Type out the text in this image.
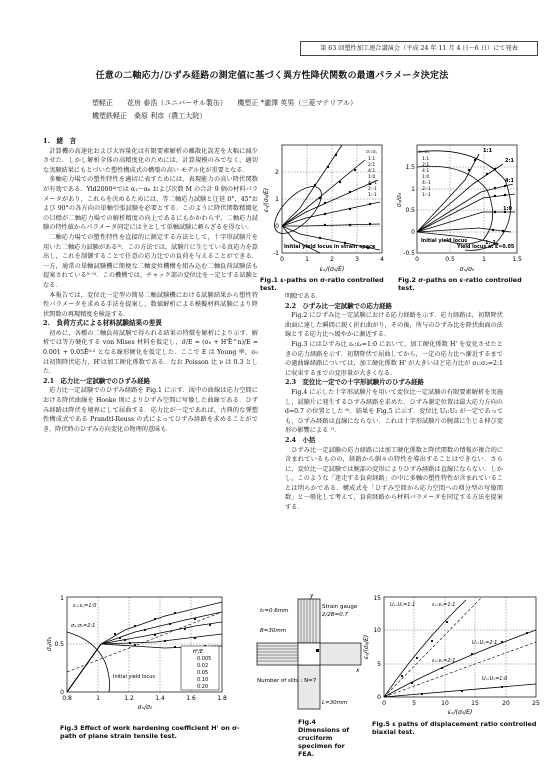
第 63 回塑性加工連合講演会（平成 24 年 11 月 4 日～6 日）にて発表
任意の二軸応力/ひずみ経路の測定値に基づく異方性降伏関数の最適パラメータ決定法
塑軽正　　花房 泰浩（ユニバーサル製缶）　　機塑正 *瀧澤 英男（三菱マテリアル）
機塑鉄軽正　桑原 利彦（農工大院）
1.　緒　言

計算機の高速化および大容量化は有限要素解析の離散化誤差を大幅に減少させた．しかし解析全体の高精度化のためには，計算規模のみでなく，適切な実験結果にもとづいた塑性構成式の構築の高い モデル化が重要となる．

多軸応力場での塑性特性を適切に表すためには，表現能力の高い降伏関数が有効である．Yld2000⁴⁾では α₁〜α₈ および次数 M の合計 9 個の材料パラメータがあり，これらを決めるためには，等二軸応力試験と圧延 0°，45°および 90°の各方向の単軸引張試験を必要とする．このように降伏関数精緻化の目標が二軸応力場での解析精度の向上であるにもかかわらず，二軸応力試験の特性値からパラメータ同定には主として単軸試験に頼らざるを得ない．

二軸応力場での塑性特性を直接的に測定する方法として，十字形試験片を用いた二軸応力試験がある³⁾．この方法では，試験片に生じている真応力を算出し，これを制御することで任意の応力比での負荷を与えることができる．一方，通常の単軸試験機に簡便な二軸変位機構を組み込む二軸負荷試験法も提案されている³⁻⁵⁾．この機構では，チャック部の変位比を一定とする試験となる．

本報告では，変位比一定型の簡易二軸試験機における試験結果から塑性特性パラメータを求める手法を提案し，数値解析による模擬材料試験により降伏関数の再現精度を検証する．

2.　負荷方式による材料試験結果の差異

初めに，各種の二軸負荷試験で得られる結果の特徴を解析により示す．解析では等方硬化する von Mises 材料を仮定し，σ̄/E = (σ₀ + H'Ē^n)/E = 0.001 + 0.05Ē⁰·² となる線形硬化を仮定した．ここで E は Young 率，σ₀ は初期降伏応力，H'は加工硬化係数である．なお Poisson 比 ν は 0.3 とした．

2.1　応力比一定試験でのひずみ経路

応力比一定試験でのひずみ経路を Fig.1 に示す．図中の曲線は応力空間における降伏曲線を Hooke 則によりひずみ空間に写像した曲線である．ひずみ経路は降伏を境界にして屈曲する．応力比が一定であれば，古典的な弾塑性構成式である Prandtl-Reuss の式によってひずみ経路を求めることができ，降伏時のひずみ方向変化の物理的意味も

明瞭である．

2.2　ひずみ比一定試験での応力経路

Fig.2 にひずみ比一定試験における応力経路を示す．応力経路は，初期降伏曲面に達した瞬間に鋭く折れ曲がり，その後，所与のひずみ比を降伏曲面の法線とする応力比へ緩やかに漸近する．

Fig.3 にはひずみ比 εᵣ:εᵣ=1:0 において，加工硬化係数 H' を変化させたときの応力経路を示す．初期降伏で屈曲してから，一定の応力比へ漸近するまでの過曲線経路については，加工硬化係数 H' が大きいほど応力比が σ₁:σ₂=2:1 に収束するまでの変形量が大きくなる．

2.3　変位比一定での十字形試験片のひずみ経路

Fig.4 に示した十字形試験片を用いて変位比一定試験の有限要素解析を実施し，試験片に発生するひずみ経路を求めた．ひずみ測定位置は最大応力方向の d=0.7 の位置とした ⁶⁾．結果を Fig.5 に示す．変位比 U₁:U₂ が一定であっても，ひずみ経路は直線にならない．これは十字形試験片の腕部に生じる伸び変形の影響による ⁷⁾．

2.4　小括

ひずみ比一定試験の応力経路には加工硬化係数と降伏関数の情報が複合的に含まれているものの，経路から個々の特性を導出することはできない．さらに，変位比一定試験では腕部の変形によりひずみ経路は直線にならない．しかし，このような「迷走する負荷経路」の中に多軸の塑性特性が含まれていることは明らかである．構成式を「ひずみ空間から応力空間への増分型の写像関数」と一般化して考えて，負荷経路から材料パラメータを同定する方法を提案する．

σₓ:σᵧ
1:1
2:1
4:1
1:0
4:-1
2:-1
1:-1
Initial yield locus in strain space
0	1	2	3	4
-1
0
1
2
εₓ/(σ₀/E)
εᵧ/(σ₀/E)
Fig.1 ε-paths on σ-ratio controlled test.
εₓ:εᵧ
1:1
2:1
4:1
1:0
4:-1
2:-1
1:-1
1:1
2:1
4:1
1:0
1:-1
Initial yield locus
Yield locus at Ē=0.05
0	0.5	1	1.5
-0.5
0
0.5
1
1.5
σₓ/σ₀
σᵧ/σ₀
Fig.2 σ-paths on ε-ratio controlled test.
εₓ:εᵧ=1:0
σₓ:σᵧ=2:1
H'/E
0.005
0.02
0.05
0.10
0.20
Initial yield locus
0.8	1	1.2	1.4	1.6	1.8
0
0.5
1
σₓ/σ₀
σᵧ/σ₀
Fig.3 Effect of work hardening coefficient H' on σ-path of plane strain tensile test.
t₀=0.6mm
Strain gauge
2/2B=0.7
B=30mm
y
x
Number of slits : N=7
L=30mm
Fig.4 Dimensions of cruciform specimen for FEA.
Uₓ:Uᵧ=1:1	εₓ:εᵧ=1:1
Uₓ:Uᵧ=2:1
εₓ:εᵧ=2:1
Uₓ:Uᵧ=1:0
0	5	10	15	20	25
0
5
10
15
εₓ/(σ₀/E)
εᵧ/(σ₀/E)
Fig.5 ε paths of displacement ratio controlled biaxial test.
